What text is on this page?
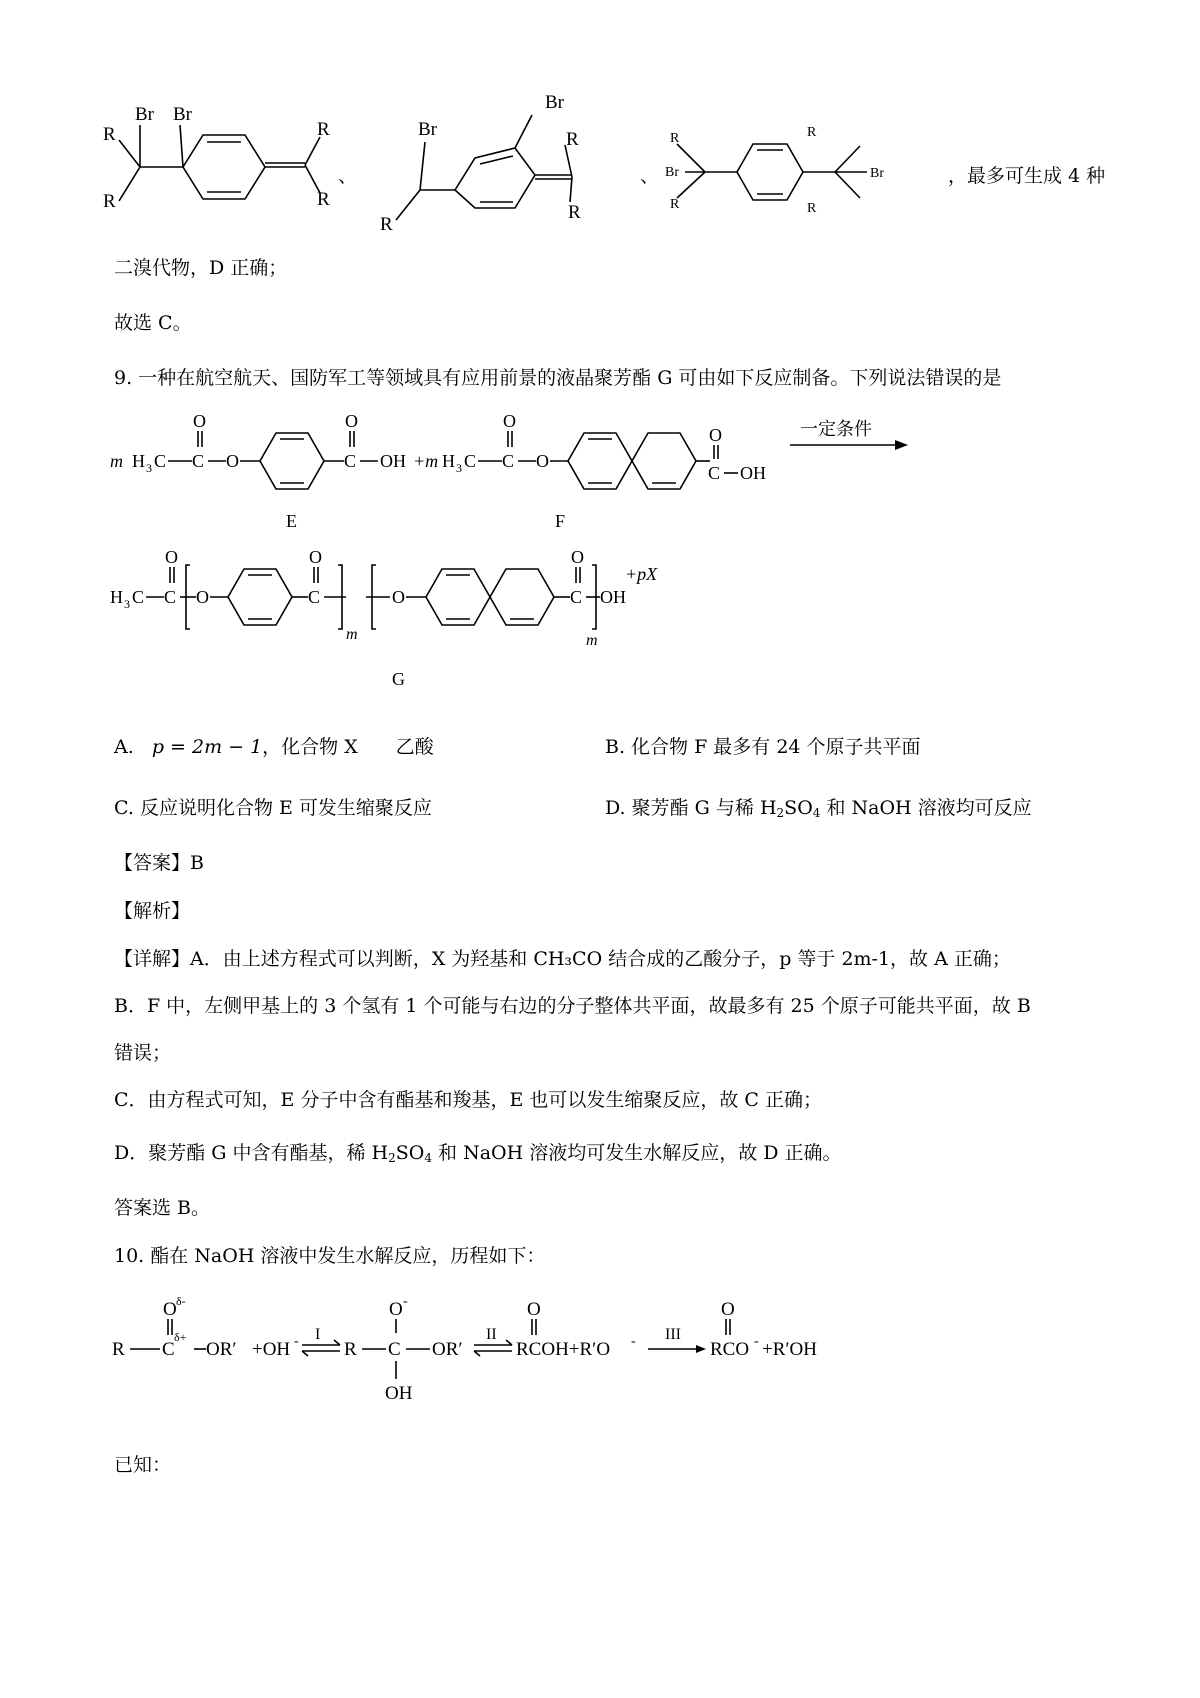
R
Br Br
R
R
R
、
Br
Br
R
R
R
、
R
Br
R
R
Br
R
，最多可生成 4 种
二溴代物，D 正确；
故选 C。
9. 一种在航空航天、国防军工等领域具有应用前景的液晶聚芳酯 G 可由如下反应制备。下列说法错误的是
m H 3 C C
O
O	C
O
OH
E
+m H 3 C C
O
O
C
O
OH
F
一定条件
H 3 C C
O
O	C
O
m
O	C
O
OH
m
+pX
G
A. p = 2m − 1，化合物 X　　乙酸	B. 化合物 F 最多有 24 个原子共平面
C. 反应说明化合物 E 可发生缩聚反应	D. 聚芳酯 G 与稀 $H_2SO_4$ 和 NaOH 溶液均可反应
【答案】B
【解析】
【详解】A．由上述方程式可以判断，X 为羟基和 CH₃CO 结合成的乙酸分子，p 等于 2m-1，故 A 正确；
B．F 中，左侧甲基上的 3 个氢有 1 个可能与右边的分子整体共平面，故最多有 25 个原子可能共平面，故 B
错误；
C．由方程式可知，E 分子中含有酯基和羧基，E 也可以发生缩聚反应，故 C 正确；
D．聚芳酯 G 中含有酯基，稀 $H_2SO_4$ 和 NaOH 溶液均可发生水解反应，故 D 正确。
答案选 B。
10. 酯在 NaOH 溶液中发生水解反应，历程如下：
R C
δ+
O δ-
OR′ +OH - I
R C
O -
OH
OR′
II
RCOH+R′O
O
- III
RCO
O
- +R′OH
已知：
